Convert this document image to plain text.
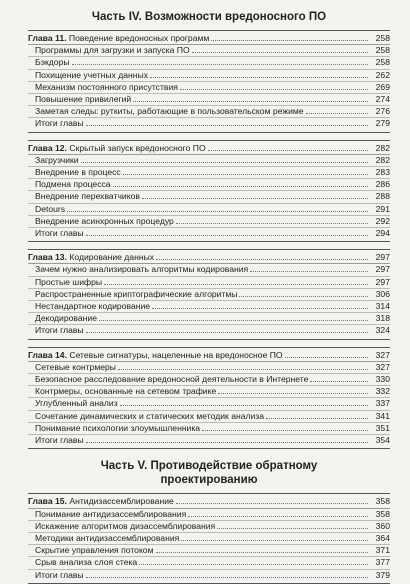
Часть IV. Возможности вредоносного ПО
Глава 11. Поведение вредоносных программ	258
Программы для загрузки и запуска ПО	258
Бэкдоры	258
Похищение учетных данных	262
Механизм постоянного присутствия	269
Повышение привилегий	274
Заметая следы: руткиты, работающие в пользовательском режиме	276
Итоги главы	279
Глава 12. Скрытый запуск вредоносного ПО	282
Загрузчики	282
Внедрение в процесс	283
Подмена процесса	286
Внедрение перехватчиков	288
Detours	291
Внедрение асинхронных процедур	292
Итоги главы	294
Глава 13. Кодирование данных	297
Зачем нужно анализировать алгоритмы кодирования	297
Простые шифры	297
Распространенные криптографические алгоритмы	306
Нестандартное кодирование	314
Декодирование	318
Итоги главы	324
Глава 14. Сетевые сигнатуры, нацеленные на вредоносное ПО	327
Сетевые контрмеры	327
Безопасное расследование вредоносной деятельности в Интернете	330
Контрмеры, основанные на сетевом трафике	332
Углубленный анализ	337
Сочетание динамических и статических методик анализа	341
Понимание психологии злоумышленника	351
Итоги главы	354
Часть V. Противодействие обратному
проектированию
Глава 15. Антидизассемблирование	358
Понимание антидизассемблирования	358
Искажение алгоритмов дизассемблирования	360
Методики антидизассемблирования	364
Скрытие управления потоком	371
Срыв анализа слоя стека	377
Итоги главы	379
